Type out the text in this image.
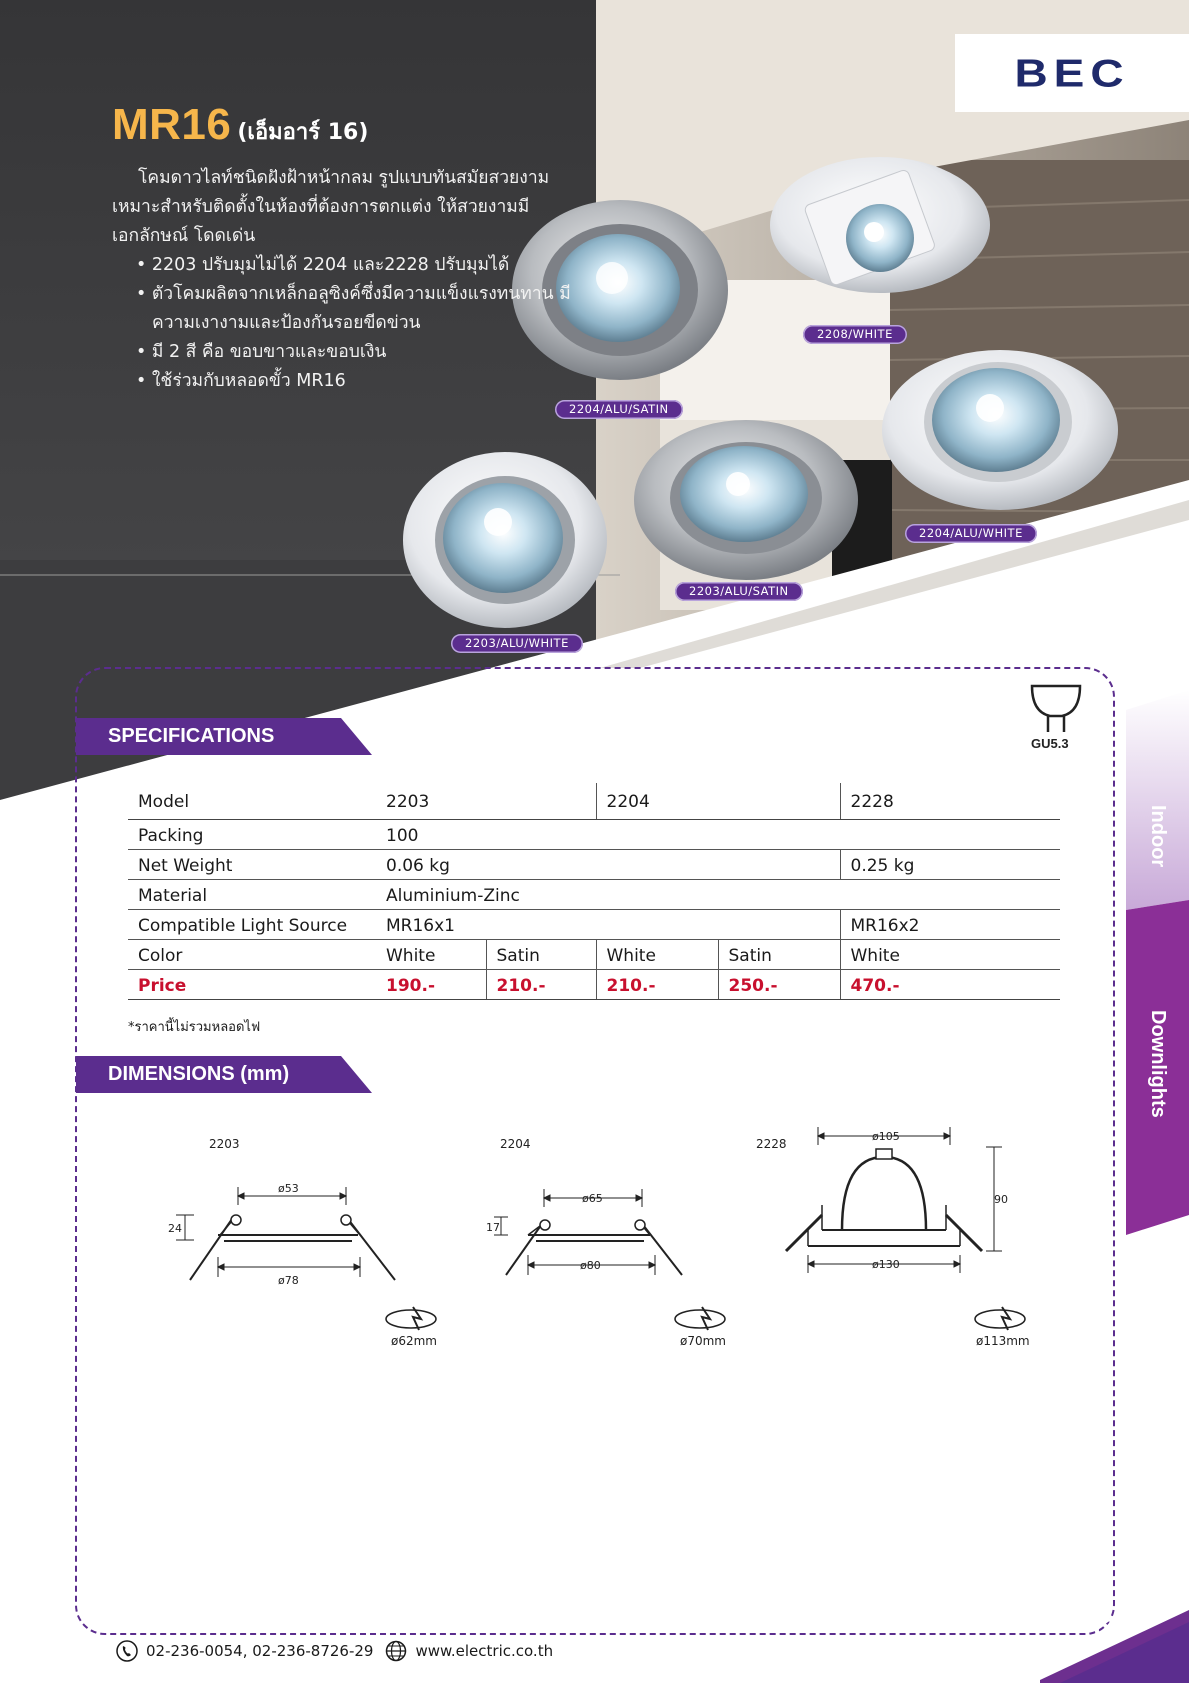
MR16 (เอ็มอาร์ 16)

โคมดาวไลท์ชนิดฝังฝ้าหน้ากลม รูปแบบทันสมัยสวยงาม เหมาะสำหรับติดตั้งในห้องที่ต้องการตกแต่ง ให้สวยงามมีเอกลักษณ์ โดดเด่น

• 2203 ปรับมุมไม่ได้ 2204 และ2228 ปรับมุมได้
• ตัวโคมผลิตจากเหล็กอลูซิงค์ซึ่งมีความแข็งแรงทนทาน มีความเงางามและป้องกันรอยขีดข่วน
• มี 2 สี คือ ขอบขาวและขอบเงิน
• ใช้ร่วมกับหลอดขั้ว MR16
BEC
2208/WHITE
2204/ALU/SATIN
2204/ALU/WHITE
2203/ALU/SATIN
2203/ALU/WHITE
Indoor
Downlights
GU5.3
SPECIFICATIONS
Model	2203		2204		2228
Packing	100				
Net Weight	0.06 kg				0.25 kg
Material	Aluminium-Zinc				
Compatible Light Source	MR16x1				MR16x2
Color	White	Satin	White	Satin	White
Price	190.-	210.-	210.-	250.-	470.-
*ราคานี้ไม่รวมหลอดไฟ
DIMENSIONS (mm)
2203
ø53
24
ø78
ø62mm
2204
ø65
17
ø80
ø70mm
2228
ø105
90
ø130
ø113mm
71
02-236-0054, 02-236-8726-29	www.electric.co.th
